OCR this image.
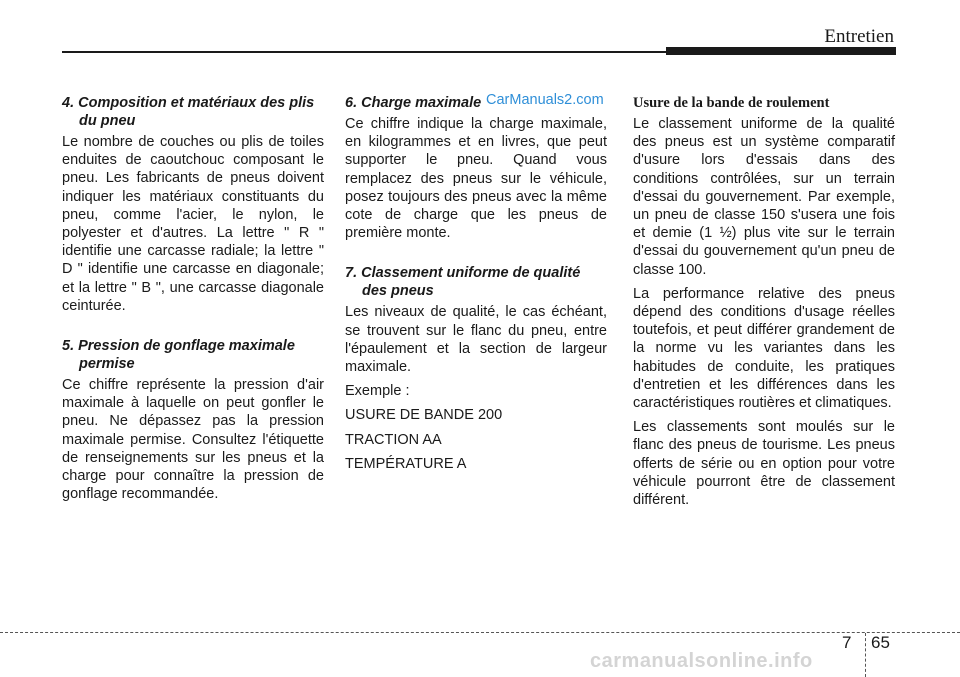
Entretien

4. Composition et matériaux des plis du pneu

Le nombre de couches ou plis de toiles enduites de caoutchouc composant le pneu. Les fabricants de pneus doivent indiquer les matériaux constituants du pneu, comme l'acier, le nylon, le polyester et d'autres. La lettre " R " identifie une carcasse radiale; la lettre " D " identifie une carcasse en diagonale; et la lettre " B ", une carcasse diagonale ceinturée.

5. Pression de gonflage maximale permise

Ce chiffre représente la pression d'air maximale à laquelle on peut gonfler le pneu. Ne dépassez pas la pression maximale permise. Consultez l'étiquette de renseignements sur les pneus et la charge pour connaître la pression de gonflage recommandée.

6. Charge maximale

Ce chiffre indique la charge maximale, en kilogrammes et en livres, que peut supporter le pneu. Quand vous remplacez des pneus sur le véhicule, posez toujours des pneus avec la même cote de charge que les pneus de première monte.

7. Classement uniforme de qualité des pneus

Les niveaux de qualité, le cas échéant, se trouvent sur le flanc du pneu, entre l'épaulement et la section de largeur maximale.

Exemple :

USURE DE BANDE 200

TRACTION AA

TEMPÉRATURE A

Usure de la bande de roulement

Le classement uniforme de la qualité des pneus est un système comparatif d'usure lors d'essais dans des conditions contrôlées, sur un terrain d'essai du gouvernement. Par exemple, un pneu de classe 150 s'usera une fois et demie (1 ½) plus vite sur le terrain d'essai du gouvernement qu'un pneu de classe 100.

La performance relative des pneus dépend des conditions d'usage réelles toutefois, et peut différer grandement de la norme vu les variantes dans les habitudes de conduite, les pratiques d'entretien et les différences dans les caractéristiques routières et climatiques.

Les classements sont moulés sur le flanc des pneus de tourisme. Les pneus offerts de série ou en option pour votre véhicule pourront être de classement différent.

CarManuals2.com
7 65
carmanualsonline.info
